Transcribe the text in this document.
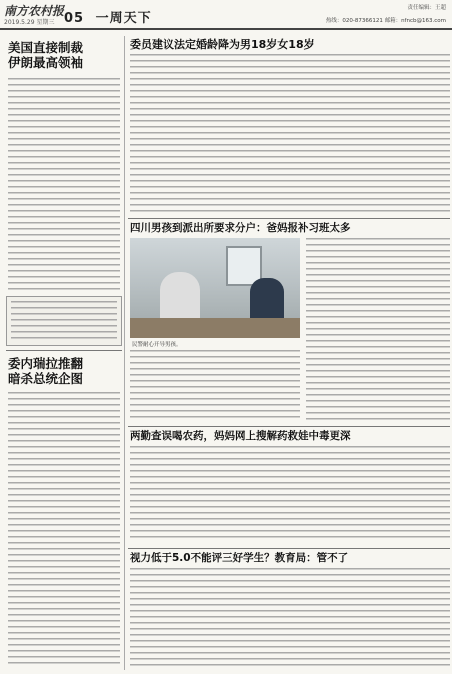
南方农村报
2019.5.29 星期三 05 一周天下
责任编辑：王超
热线：020-87366121 邮箱：nfncb@163.com
美国直接制裁
伊朗最高领袖
委内瑞拉推翻
暗杀总统企图
委员建议法定婚龄降为男18岁女18岁
四川男孩到派出所要求分户：爸妈报补习班太多
民警耐心开导男孩。
两勤查误喝农药，妈妈网上搜解药救娃中毒更深
视力低于5.0不能评三好学生？教育局：管不了
